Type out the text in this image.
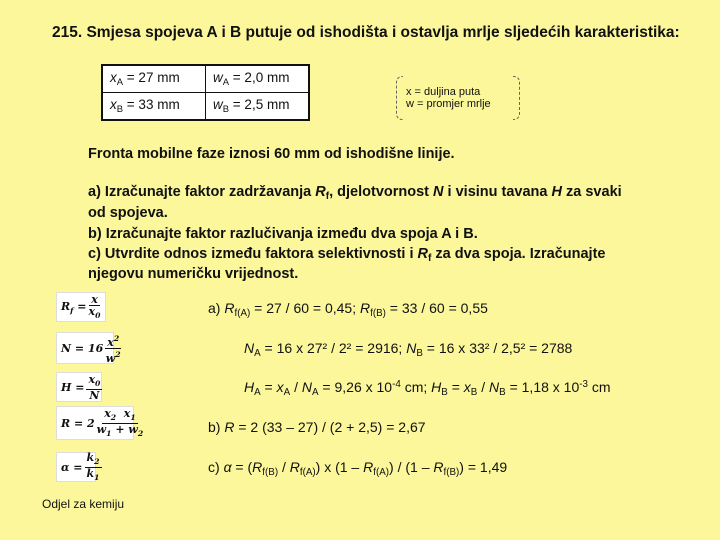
215. Smjesa spojeva A i B putuje od ishodišta i ostavlja mrlje sljedećih karakteristika:
$x_A = 27$ mm	$w_A = 2,0$ mm
$x_B = 33$ mm	$w_B = 2,5$ mm
x = duljina puta
w = promjer mrlje
Fronta mobilne faze iznosi 60 mm od ishodišne linije.
a) Izračunajte faktor zadržavanja $R_f$, djelotvornost N i visinu tavana H za svaki
od spojeva.
b) Izračunajte faktor razlučivanja između dva spoja A i B.
c) Utvrdite odnos između faktora selektivnosti i $R_f$ za dva spoja. Izračunajte
njegovu numeričku vrijednost.
$R_f = \frac{x}{x_0}$
$N = 16 \frac{x^2}{w^2}$
$H = \frac{x_0}{N}$
$R = 2 \frac{x_2 x_1}{w_1 + w_2}$
$\alpha = \frac{k_2}{k_1}$
a) $R_{f(A)} = 27 / 60 = 0,45$; $R_{f(B)} = 33 / 60 = 0,55$
$N_A = 16$ x 27² / 2² = 2916; $N_B = 16$ x 33² / 2,5² = 2788
$H_A = x_A / N_A = 9,26$ x $10^{-4}$ cm; $H_B = x_B / N_B = 1,18$ x $10^{-3}$ cm
b) R = 2 (33 – 27) / (2 + 2,5) = 2,67
c) $\alpha = (R_{f(B)} / R_{f(A)})$ x $(1 - R_{f(A)}) / (1 - R_{f(B)}) = 1,49$
Odjel za kemiju
